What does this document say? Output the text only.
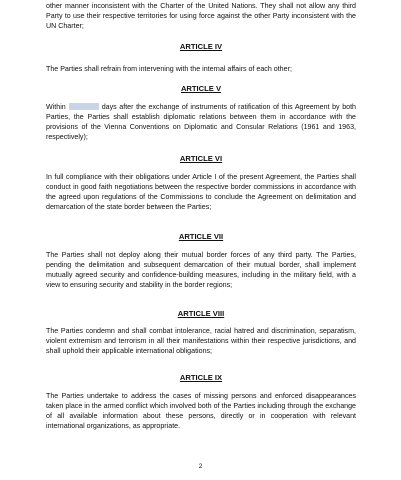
other manner inconsistent with the Charter of the United Nations. They shall not allow any third Party to use their respective territories for using force against the other Party inconsistent with the UN Charter;

ARTICLE IV

The Parties shall refrain from intervening with the internal affairs of each other;

ARTICLE V

Within	days after the exchange of instruments of ratification of this Agreement by both Parties, the Parties shall establish diplomatic relations between them in accordance with the provisions of the Vienna Conventions on Diplomatic and Consular Relations (1961 and 1963, respectively);

ARTICLE VI

In full compliance with their obligations under Article I of the present Agreement, the Parties shall conduct in good faith negotiations between the respective border commissions in accordance with the agreed upon regulations of the Commissions to conclude the Agreement on delimitation and demarcation of the state border between the Parties;

ARTICLE VII

The Parties shall not deploy along their mutual border forces of any third party. The Parties, pending the delimitation and subsequent demarcation of their mutual border, shall implement mutually agreed security and confidence-building measures, including in the military field, with a view to ensuring security and stability in the border regions;

ARTICLE VIII

The Parties condemn and shall combat intolerance, racial hatred and discrimination, separatism, violent extremism and terrorism in all their manifestations within their respective jurisdictions, and shall uphold their applicable international obligations;

ARTICLE IX

The Parties undertake to address the cases of missing persons and enforced disappearances taken place in the armed conflict which involved both of the Parties including through the exchange of all available information about these persons, directly or in cooperation with relevant international organizations, as appropriate.

2
